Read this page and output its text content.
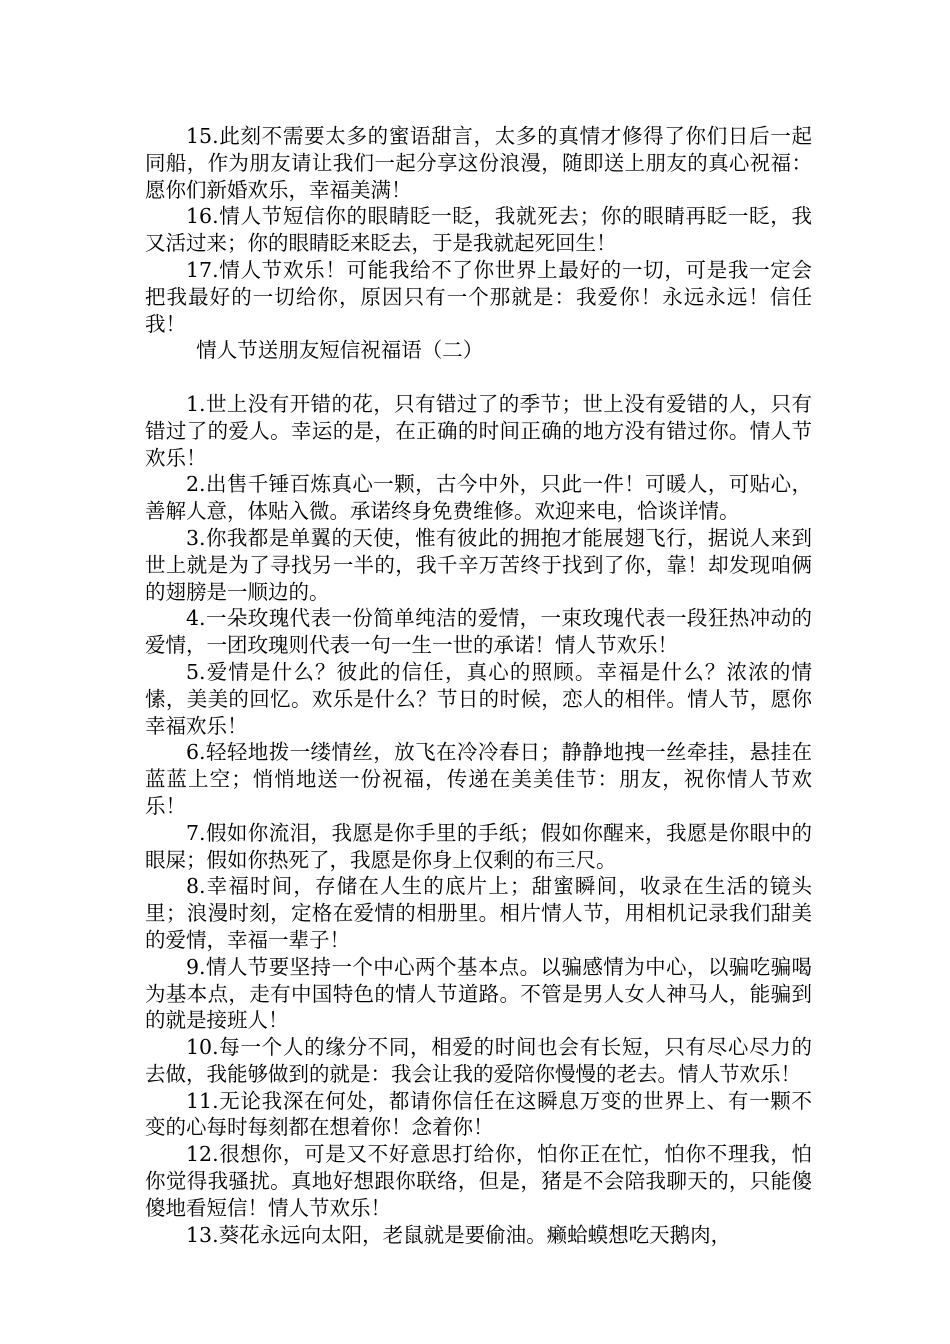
15.此刻不需要太多的蜜语甜言，太多的真情才修得了你们日后一起同船，作为朋友请让我们一起分享这份浪漫，随即送上朋友的真心祝福：愿你们新婚欢乐，幸福美满！

16.情人节短信你的眼睛眨一眨，我就死去；你的眼睛再眨一眨，我又活过来；你的眼睛眨来眨去，于是我就起死回生！

17.情人节欢乐！可能我给不了你世界上最好的一切，可是我一定会把我最好的一切给你，原因只有一个那就是：我爱你！永远永远！信任我！

情人节送朋友短信祝福语（二）

1.世上没有开错的花，只有错过了的季节；世上没有爱错的人，只有错过了的爱人。幸运的是，在正确的时间正确的地方没有错过你。情人节欢乐！

2.出售千锤百炼真心一颗，古今中外，只此一件！可暖人，可贴心，善解人意，体贴入微。承诺终身免费维修。欢迎来电，恰谈详情。

3.你我都是单翼的天使，惟有彼此的拥抱才能展翅飞行，据说人来到世上就是为了寻找另一半的，我千辛万苦终于找到了你，靠！却发现咱俩的翅膀是一顺边的。

4.一朵玫瑰代表一份简单纯洁的爱情，一束玫瑰代表一段狂热冲动的爱情，一团玫瑰则代表一句一生一世的承诺！情人节欢乐！

5.爱情是什么？彼此的信任，真心的照顾。幸福是什么？浓浓的情愫，美美的回忆。欢乐是什么？节日的时候，恋人的相伴。情人节，愿你幸福欢乐！

6.轻轻地拨一缕情丝，放飞在冷冷春日；静静地拽一丝牵挂，悬挂在蓝蓝上空；悄悄地送一份祝福，传递在美美佳节：朋友，祝你情人节欢乐！

7.假如你流泪，我愿是你手里的手纸；假如你醒来，我愿是你眼中的眼屎；假如你热死了，我愿是你身上仅剩的布三尺。

8.幸福时间，存储在人生的底片上；甜蜜瞬间，收录在生活的镜头里；浪漫时刻，定格在爱情的相册里。相片情人节，用相机记录我们甜美的爱情，幸福一辈子！

9.情人节要坚持一个中心两个基本点。以骗感情为中心，以骗吃骗喝为基本点，走有中国特色的情人节道路。不管是男人女人神马人，能骗到的就是接班人！

10.每一个人的缘分不同，相爱的时间也会有长短，只有尽心尽力的去做，我能够做到的就是：我会让我的爱陪你慢慢的老去。情人节欢乐！

11.无论我深在何处，都请你信任在这瞬息万变的世界上、有一颗不变的心每时每刻都在想着你！念着你！

12.很想你，可是又不好意思打给你，怕你正在忙，怕你不理我，怕你觉得我骚扰。真地好想跟你联络，但是，猪是不会陪我聊天的，只能傻傻地看短信！情人节欢乐！

13.葵花永远向太阳，老鼠就是要偷油。癞蛤蟆想吃天鹅肉，
